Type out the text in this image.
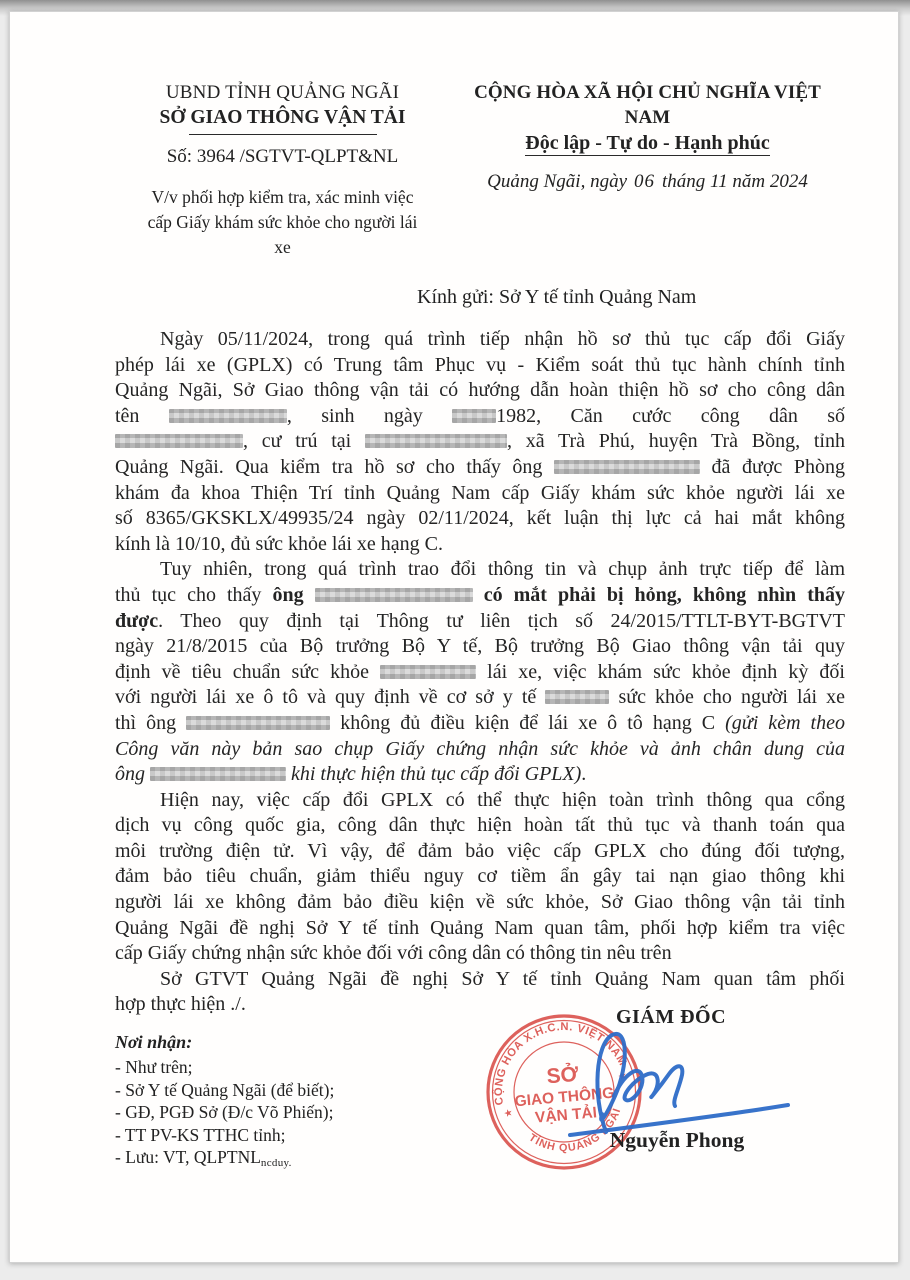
UBND TỈNH QUẢNG NGÃI
SỞ GIAO THÔNG VẬN TẢI
Số: 3964 /SGTVT-QLPT&NL
V/v phối hợp kiểm tra, xác minh việc cấp Giấy khám sức khỏe cho người lái xe
CỘNG HÒA XÃ HỘI CHỦ NGHĨA VIỆT NAM
Độc lập - Tự do - Hạnh phúc
Quảng Ngãi, ngày 06 tháng 11 năm 2024
Kính gửi: Sở Y tế tỉnh Quảng Nam
Ngày 05/11/2024, trong quá trình tiếp nhận hồ sơ thủ tục cấp đổi Giấy
phép lái xe (GPLX) có Trung tâm Phục vụ - Kiểm soát thủ tục hành chính tỉnh
Quảng Ngãi, Sở Giao thông vận tải có hướng dẫn hoàn thiện hồ sơ cho công dân
tên	, sinh ngày 1982, Căn cước công dân số
, cư trú tại	, xã Trà Phú, huyện Trà Bồng, tỉnh
Quảng Ngãi. Qua kiểm tra hồ sơ cho thấy ông	đã được Phòng
khám đa khoa Thiện Trí tỉnh Quảng Nam cấp Giấy khám sức khỏe người lái xe
số 8365/GKSKLX/49935/24 ngày 02/11/2024, kết luận thị lực cả hai mắt không
kính là 10/10, đủ sức khỏe lái xe hạng C.
Tuy nhiên, trong quá trình trao đổi thông tin và chụp ảnh trực tiếp để làm
thủ tục cho thấy ông	có mắt phải bị hỏng, không nhìn thấy
được. Theo quy định tại Thông tư liên tịch số 24/2015/TTLT-BYT-BGTVT
ngày 21/8/2015 của Bộ trưởng Bộ Y tế, Bộ trưởng Bộ Giao thông vận tải quy
định về tiêu chuẩn sức khỏe	lái xe, việc khám sức khỏe định kỳ đối
với người lái xe ô tô và quy định về cơ sở y tế	sức khỏe cho người lái xe
thì ông	không đủ điều kiện để lái xe ô tô hạng C (gửi kèm theo
Công văn này bản sao chụp Giấy chứng nhận sức khỏe và ảnh chân dung của
ông	khi thực hiện thủ tục cấp đổi GPLX).
Hiện nay, việc cấp đổi GPLX có thể thực hiện toàn trình thông qua cổng
dịch vụ công quốc gia, công dân thực hiện hoàn tất thủ tục và thanh toán qua
môi trường điện tử. Vì vậy, để đảm bảo việc cấp GPLX cho đúng đối tượng,
đảm bảo tiêu chuẩn, giảm thiểu nguy cơ tiềm ẩn gây tai nạn giao thông khi
người lái xe không đảm bảo điều kiện về sức khỏe, Sở Giao thông vận tải tỉnh
Quảng Ngãi đề nghị Sở Y tế tỉnh Quảng Nam quan tâm, phối hợp kiểm tra việc
cấp Giấy chứng nhận sức khỏe đối với công dân có thông tin nêu trên
Sở GTVT Quảng Ngãi đề nghị Sở Y tế tỉnh Quảng Nam quan tâm phối
hợp thực hiện ./.
Nơi nhận:
- Như trên;
- Sở Y tế Quảng Ngãi (để biết);
- GĐ, PGĐ Sở (Đ/c Võ Phiến);
- TT PV-KS TTHC tỉnh;
- Lưu: VT, $QLPTNL_{ncduy.}$
GIÁM ĐỐC
CỘNG HÒA X.H.C.N. VIỆT NAM
TỈNH QUẢNG NGÃI
★
★
SỞ
GIAO THÔNG
VẬN TẢI
Nguyễn Phong
